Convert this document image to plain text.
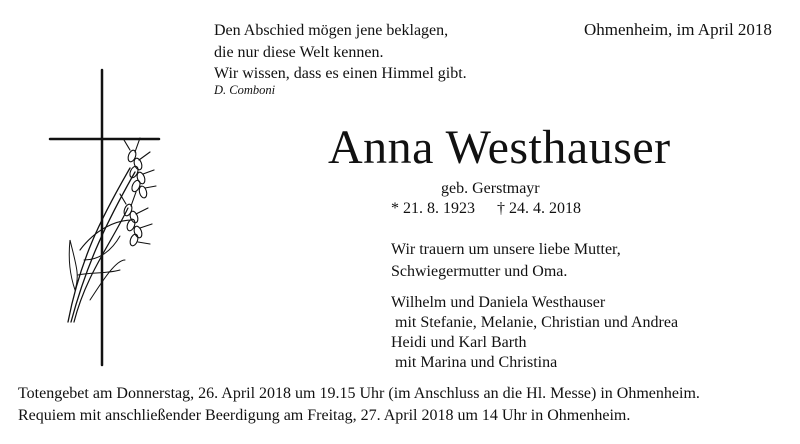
Den Abschied mögen jene beklagen,
die nur diese Welt kennen.
Wir wissen, dass es einen Himmel gibt.
D. Comboni
Ohmenheim, im April 2018
Anna Westhauser
geb. Gerstmayr
* 21. 8. 1923 † 24. 4. 2018
Wir trauern um unsere liebe Mutter,
Schwiegermutter und Oma.
Wilhelm und Daniela Westhauser
mit Stefanie, Melanie, Christian und Andrea
Heidi und Karl Barth
mit Marina und Christina
Totengebet am Donnerstag, 26. April 2018 um 19.15 Uhr (im Anschluss an die Hl. Messe) in Ohmenheim.
Requiem mit anschließender Beerdigung am Freitag, 27. April 2018 um 14 Uhr in Ohmenheim.
